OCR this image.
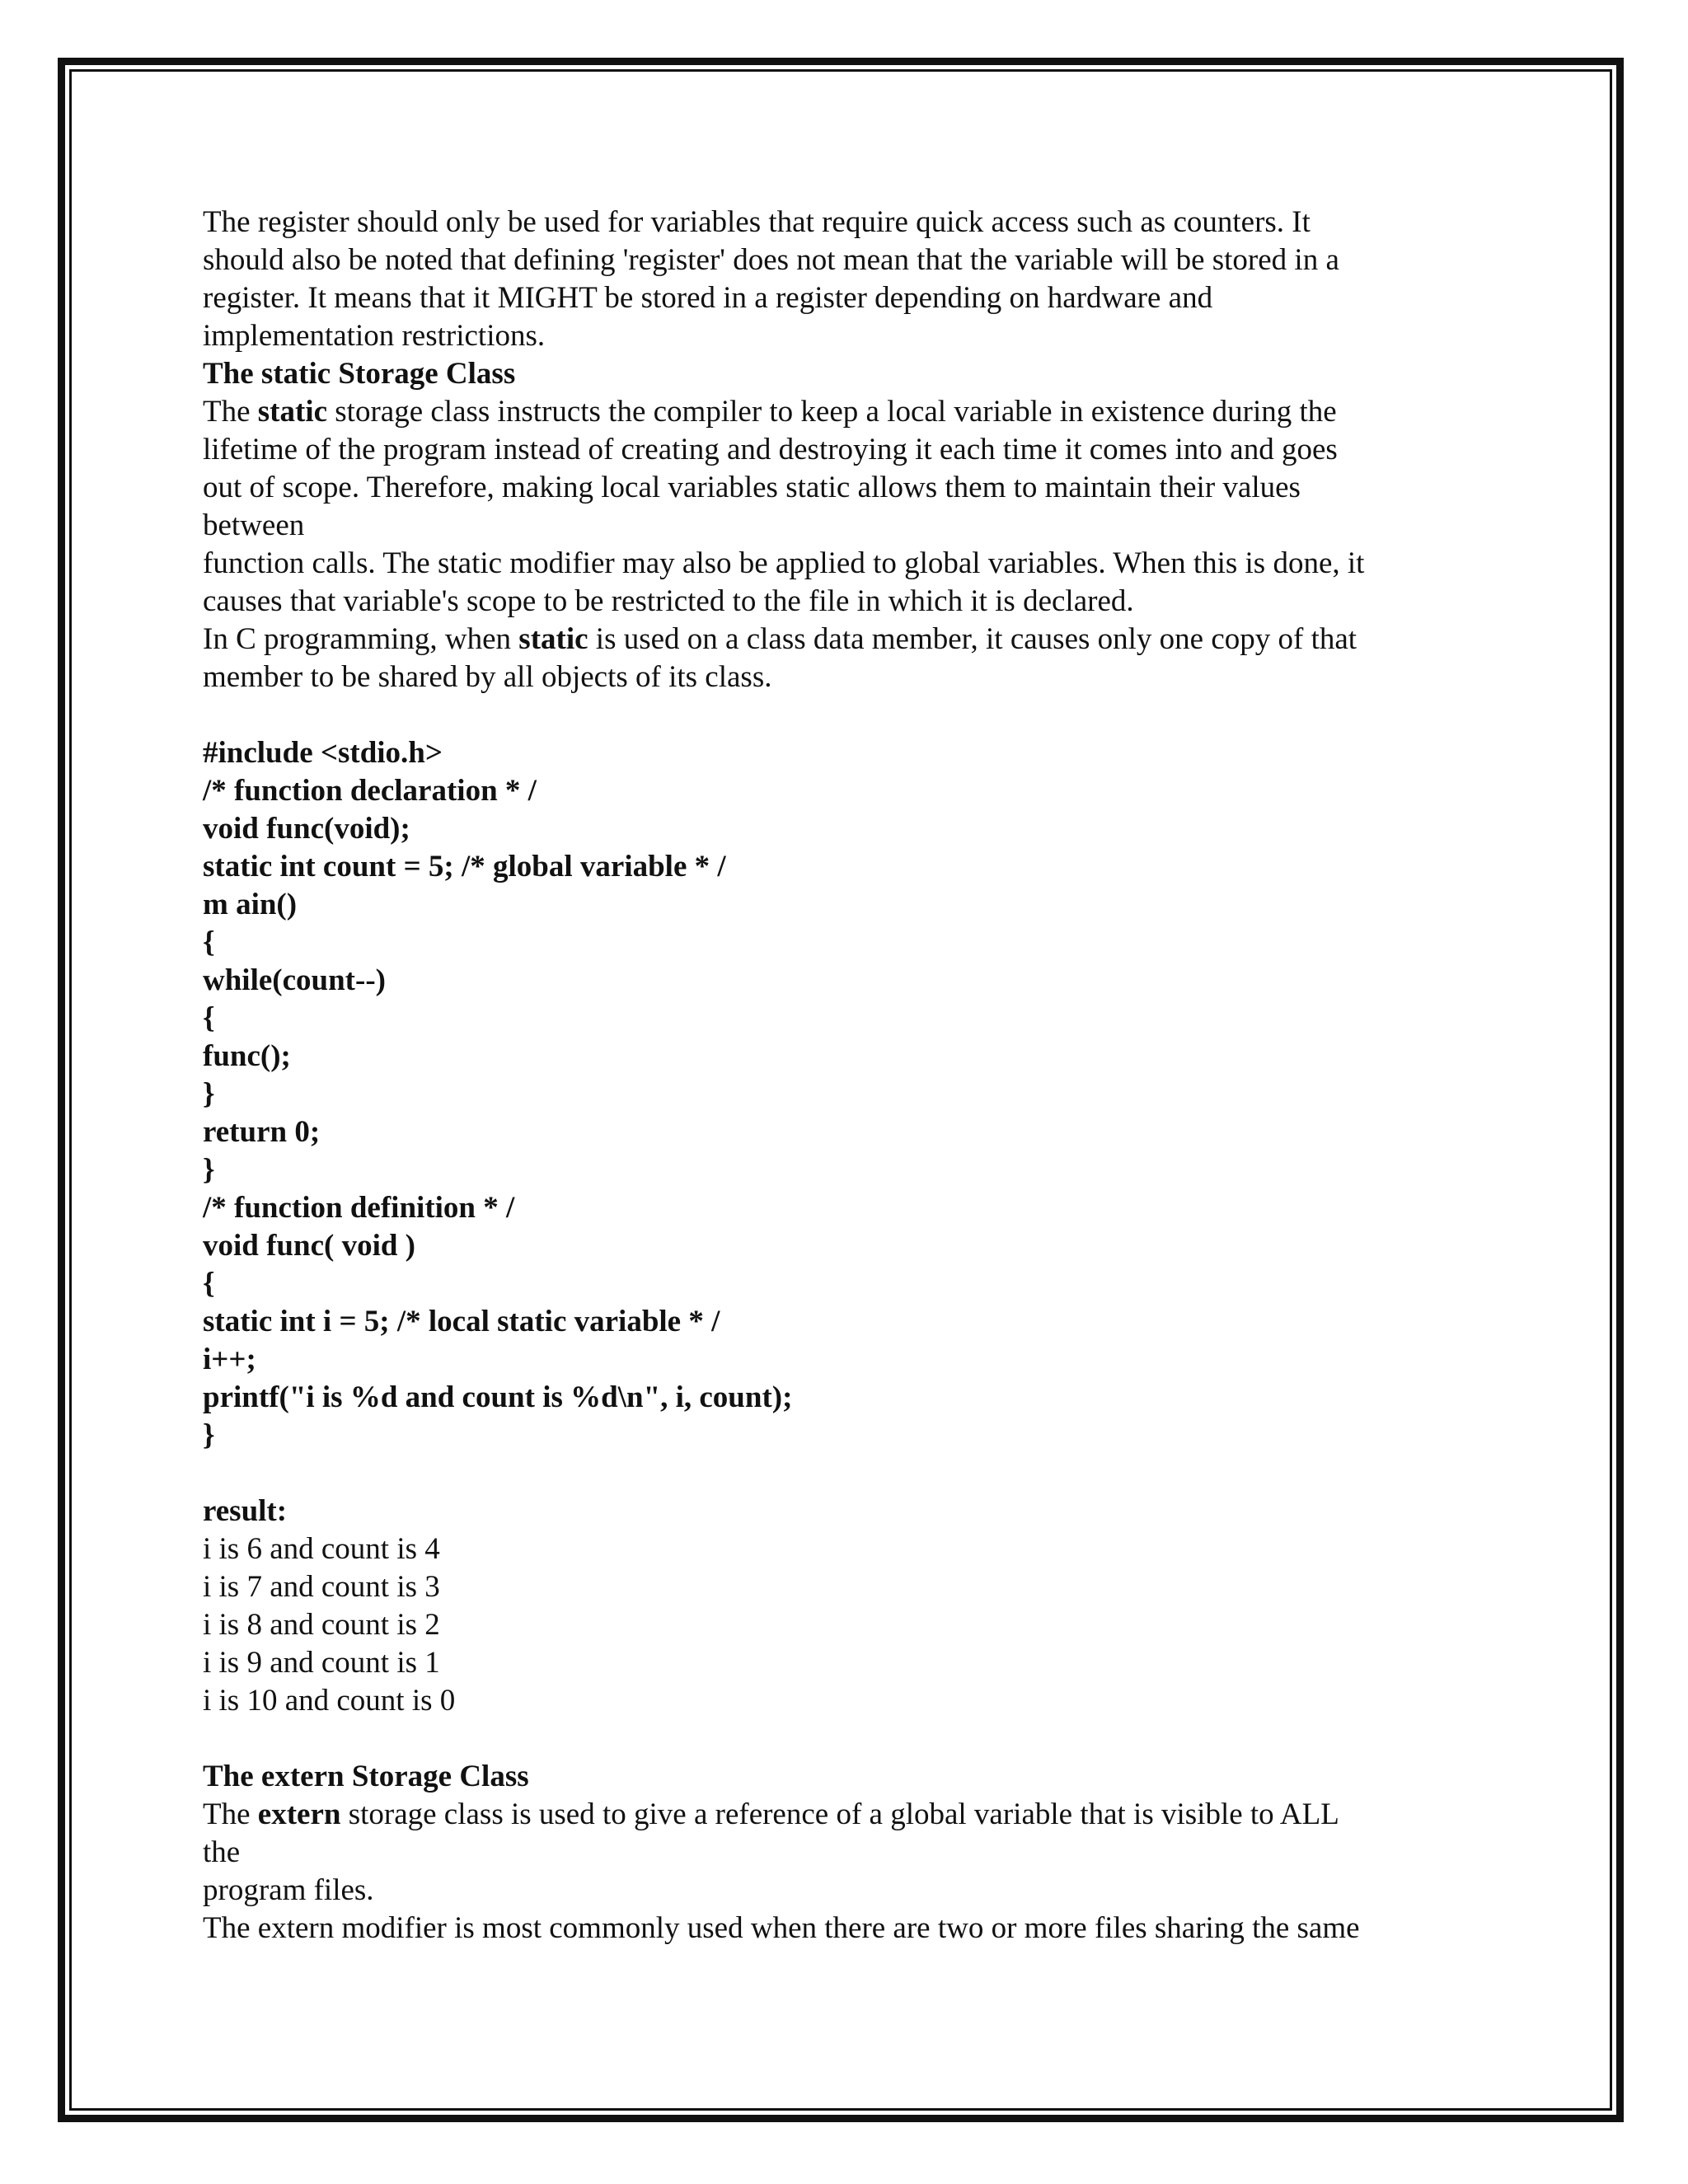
The register should only be used for variables that require quick access such as counters. It
should also be noted that defining 'register' does not mean that the variable will be stored in a
register. It means that it MIGHT be stored in a register depending on hardware and
implementation restrictions.
The static Storage Class
The static storage class instructs the compiler to keep a local variable in existence during the
lifetime of the program instead of creating and destroying it each time it comes into and goes
out of scope. Therefore, making local variables static allows them to maintain their values
between
function calls. The static modifier may also be applied to global variables. When this is done, it
causes that variable's scope to be restricted to the file in which it is declared.
In C programming, when static is used on a class data member, it causes only one copy of that
member to be shared by all objects of its class.
#include <stdio.h>
/* function declaration * /
void func(void);
static int count = 5; /* global variable * /
m ain()
{
while(count--)
{
func();
}
return 0;
}
/* function definition * /
void func( void )
{
static int i = 5; /* local static variable * /
i++;
printf("i is %d and count is %d\n", i, count);
}
result:
i is 6 and count is 4
i is 7 and count is 3
i is 8 and count is 2
i is 9 and count is 1
i is 10 and count is 0
The extern Storage Class
The extern storage class is used to give a reference of a global variable that is visible to ALL
the
program files.
The extern modifier is most commonly used when there are two or more files sharing the same
